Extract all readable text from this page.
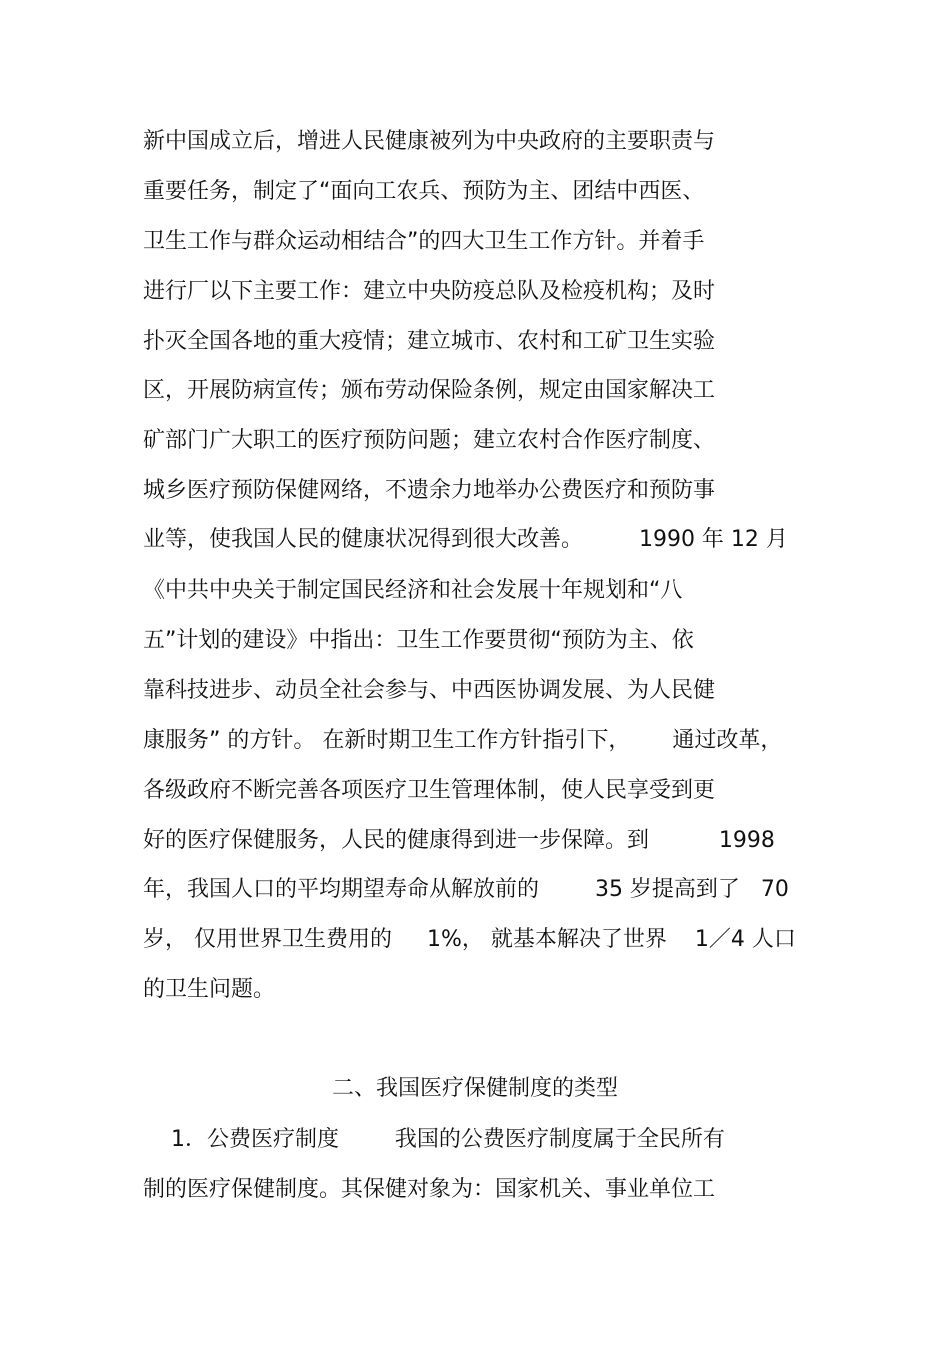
新中国成立后，增进人民健康被列为中央政府的主要职责与

重要任务，制定了“面向工农兵、预防为主、团结中西医、

卫生工作与群众运动相结合”的四大卫生工作方针。并着手

进行厂以下主要工作：建立中央防疫总队及检疫机构；及时

扑灭全国各地的重大疫情；建立城市、农村和工矿卫生实验

区，开展防病宣传；颁布劳动保险条例，规定由国家解决工

矿部门广大职工的医疗预防问题；建立农村合作医疗制度、

城乡医疗预防保健网络，不遗余力地举办公费医疗和预防事

业等，使我国人民的健康状况得到很大改善。        1990 年 12 月

《中共中央关于制定国民经济和社会发展十年规划和“八

五”计划的建设》中指出：卫生工作要贯彻“预防为主、依

靠科技进步、动员全社会参与、中西医协调发展、为人民健

康服务” 的方针。 在新时期卫生工作方针指引下，      通过改革，

各级政府不断完善各项医疗卫生管理体制，使人民享受到更

好的医疗保健服务，人民的健康得到进一步保障。到          1998

年，我国人口的平均期望寿命从解放前的        35 岁提高到了   70

岁， 仅用世界卫生费用的     1%， 就基本解决了世界    1／4 人口

的卫生问题。

二、我国医疗保健制度的类型

1．公费医疗制度        我国的公费医疗制度属于全民所有

制的医疗保健制度。其保健对象为：国家机关、事业单位工
